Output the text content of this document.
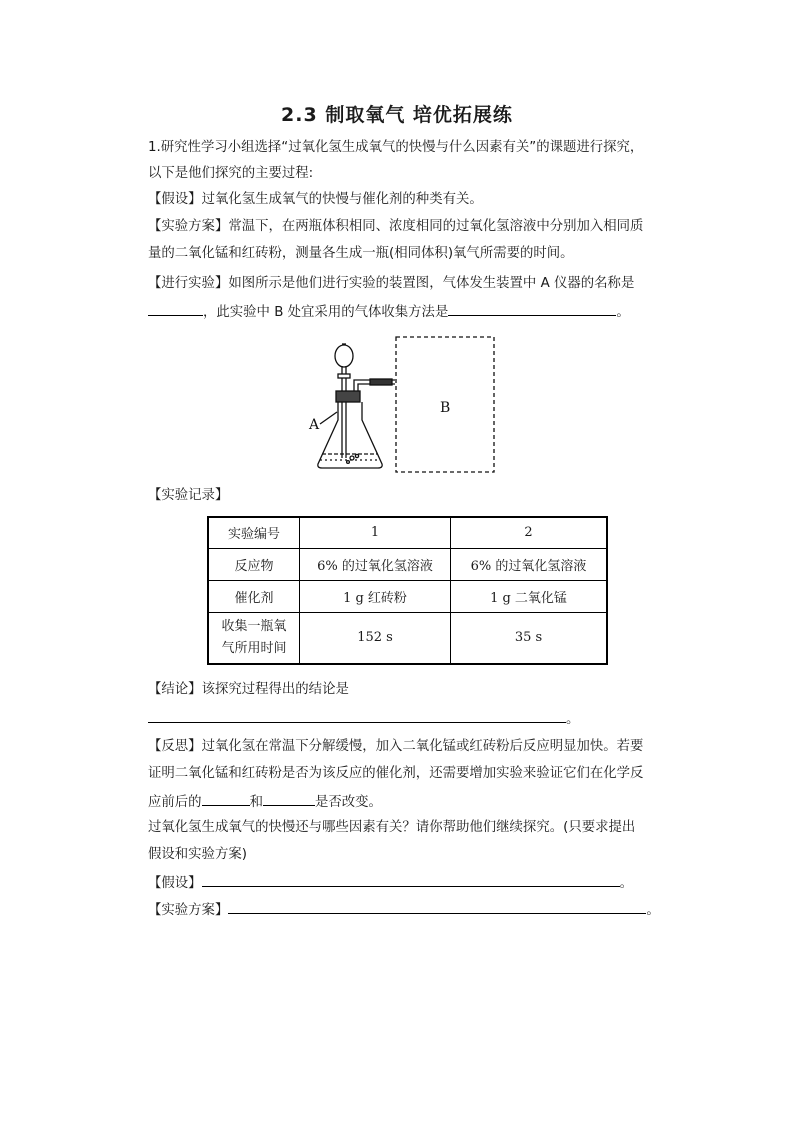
2.3 制取氧气 培优拓展练
1.研究性学习小组选择“过氧化氢生成氧气的快慢与什么因素有关”的课题进行探究，
以下是他们探究的主要过程:
【假设】过氧化氢生成氧气的快慢与催化剂的种类有关。
【实验方案】常温下，在两瓶体积相同、浓度相同的过氧化氢溶液中分别加入相同质
量的二氧化锰和红砖粉，测量各生成一瓶(相同体积)氧气所需要的时间。
【进行实验】如图所示是他们进行实验的装置图，气体发生装置中 A 仪器的名称是
，此实验中 B 处宜采用的气体收集方法是	。
A
B
【实验记录】
实验编号	1	2
反应物	6% 的过氧化氢溶液	6% 的过氧化氢溶液
催化剂	1 g 红砖粉	1 g 二氧化锰
收集一瓶氧
气所用时间	152 s	35 s
【结论】该探究过程得出的结论是
。
【反思】过氧化氢在常温下分解缓慢，加入二氧化锰或红砖粉后反应明显加快。若要
证明二氧化锰和红砖粉是否为该反应的催化剂，还需要增加实验来验证它们在化学反
应前后的	和	是否改变。
过氧化氢生成氧气的快慢还与哪些因素有关？请你帮助他们继续探究。(只要求提出
假设和实验方案)
【假设】	。
【实验方案】	。
